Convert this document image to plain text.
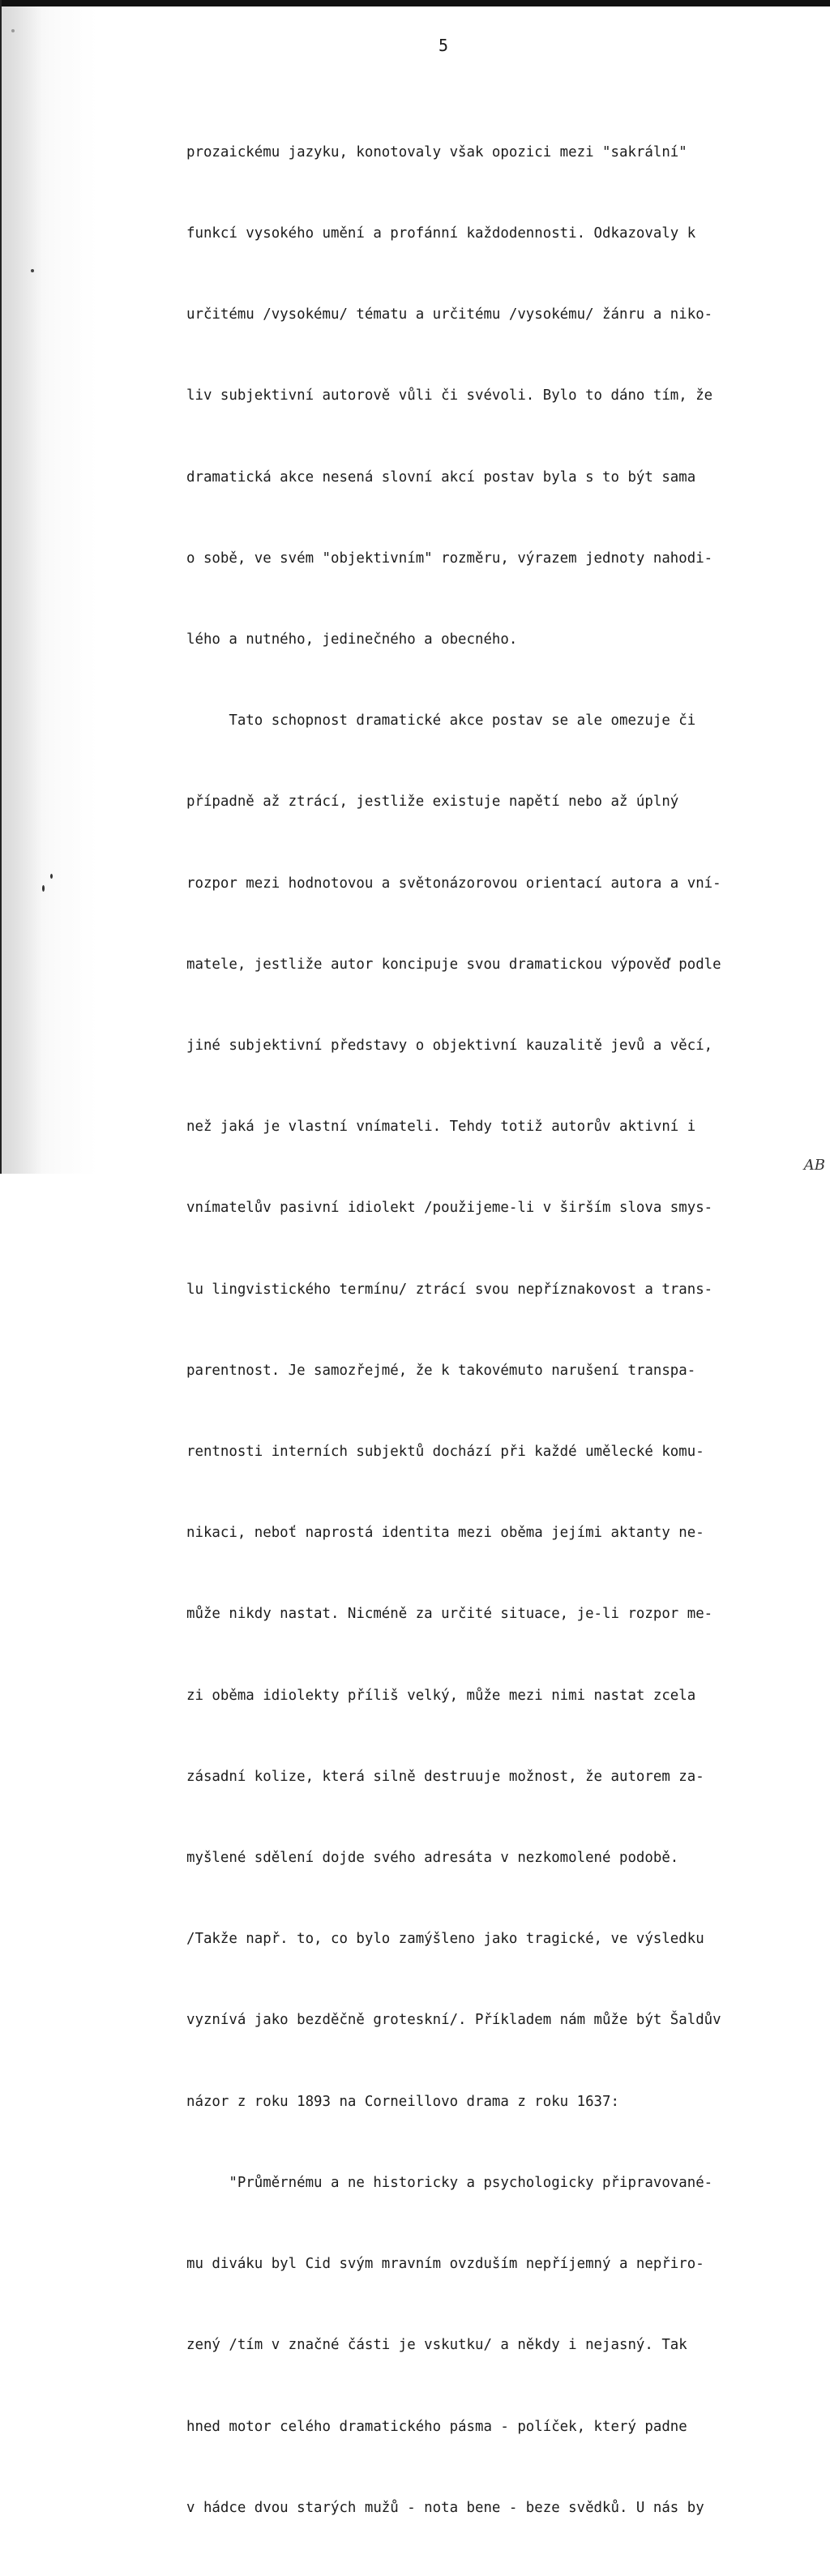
5

prozaickému jazyku, konotovaly však opozici mezi "sakrální"

funkcí vysokého umění a profánní každodennosti. Odkazovaly k

určitému /vysokému/ tématu a určitému /vysokému/ žánru a niko-

liv subjektivní autorově vůli či svévoli. Bylo to dáno tím, že

dramatická akce nesená slovní akcí postav byla s to být sama

o sobě, ve svém "objektivním" rozměru, výrazem jednoty nahodi-

lého a nutného, jedinečného a obecného.

Tato schopnost dramatické akce postav se ale omezuje či

případně až ztrácí, jestliže existuje napětí nebo až úplný

rozpor mezi hodnotovou a světonázorovou orientací autora a vní-

matele, jestliže autor koncipuje svou dramatickou výpověď podle

jiné subjektivní představy o objektivní kauzalitě jevů a věcí,

než jaká je vlastní vnímateli. Tehdy totiž autorův aktivní i

vnímatelův pasivní idiolekt /použijeme-li v širším slova smys-

lu lingvistického termínu/ ztrácí svou nepříznakovost a trans-

parentnost. Je samozřejmé, že k takovémuto narušení transpa-

rentnosti interních subjektů dochází při každé umělecké komu-

nikaci, neboť naprostá identita mezi oběma jejími aktanty ne-

může nikdy nastat. Nicméně za určité situace, je-li rozpor me-

zi oběma idiolekty příliš velký, může mezi nimi nastat zcela

zásadní kolize, která silně destruuje možnost, že autorem za-

myšlené sdělení dojde svého adresáta v nezkomolené podobě.

/Takže např. to, co bylo zamýšleno jako tragické, ve výsledku

vyznívá jako bezděčně groteskní/. Příkladem nám může být Šaldův

názor z roku 1893 na Corneillovo drama z roku 1637:

"Průměrnému a ne historicky a psychologicky připravované-

mu diváku byl Cid svým mravním ovzduším nepříjemný a nepřiro-

zený /tím v značné části je vskutku/ a někdy i nejasný. Tak

hned motor celého dramatického pásma - políček, který padne

v hádce dvou starých mužů - nota bene - beze svědků. U nás by

AB
